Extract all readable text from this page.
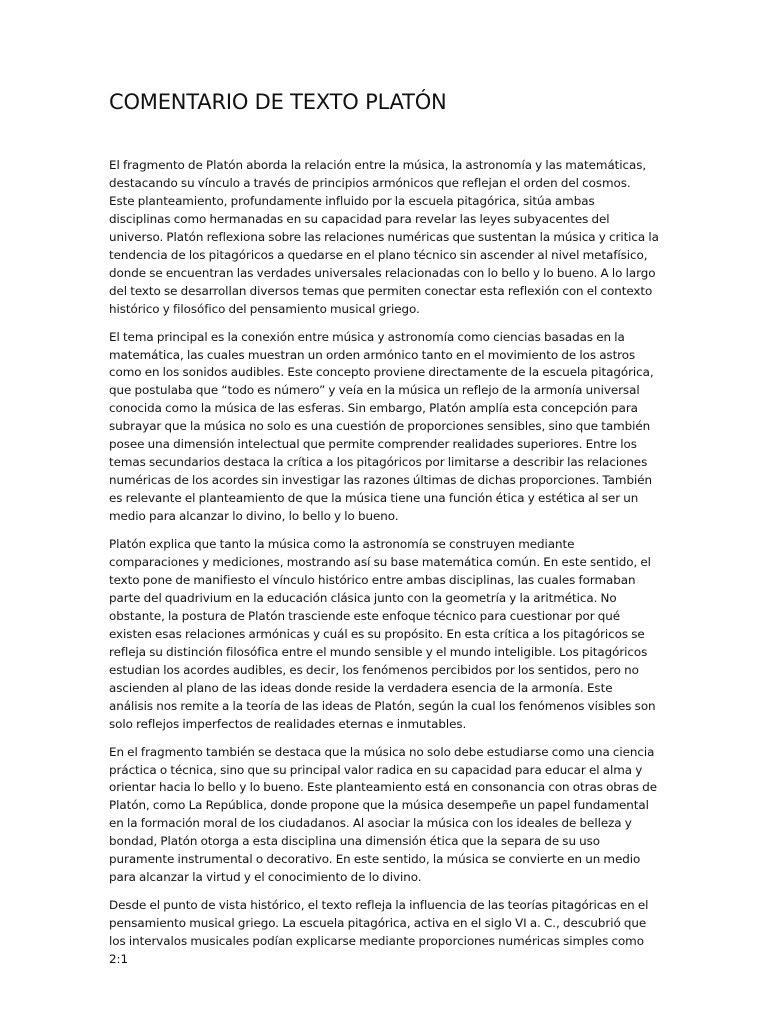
COMENTARIO DE TEXTO PLATÓN

El fragmento de Platón aborda la relación entre la música, la astronomía y las matemáticas, destacando su vínculo a través de principios armónicos que reflejan el orden del cosmos. Este planteamiento, profundamente influido por la escuela pitagórica, sitúa ambas disciplinas como hermanadas en su capacidad para revelar las leyes subyacentes del universo. Platón reflexiona sobre las relaciones numéricas que sustentan la música y critica la tendencia de los pitagóricos a quedarse en el plano técnico sin ascender al nivel metafísico, donde se encuentran las verdades universales relacionadas con lo bello y lo bueno. A lo largo del texto se desarrollan diversos temas que permiten conectar esta reflexión con el contexto histórico y filosófico del pensamiento musical griego.

El tema principal es la conexión entre música y astronomía como ciencias basadas en la matemática, las cuales muestran un orden armónico tanto en el movimiento de los astros como en los sonidos audibles. Este concepto proviene directamente de la escuela pitagórica, que postulaba que “todo es número” y veía en la música un reflejo de la armonía universal conocida como la música de las esferas. Sin embargo, Platón amplía esta concepción para subrayar que la música no solo es una cuestión de proporciones sensibles, sino que también posee una dimensión intelectual que permite comprender realidades superiores. Entre los temas secundarios destaca la crítica a los pitagóricos por limitarse a describir las relaciones numéricas de los acordes sin investigar las razones últimas de dichas proporciones. También es relevante el planteamiento de que la música tiene una función ética y estética al ser un medio para alcanzar lo divino, lo bello y lo bueno.

Platón explica que tanto la música como la astronomía se construyen mediante comparaciones y mediciones, mostrando así su base matemática común. En este sentido, el texto pone de manifiesto el vínculo histórico entre ambas disciplinas, las cuales formaban parte del quadrivium en la educación clásica junto con la geometría y la aritmética. No obstante, la postura de Platón trasciende este enfoque técnico para cuestionar por qué existen esas relaciones armónicas y cuál es su propósito. En esta crítica a los pitagóricos se refleja su distinción filosófica entre el mundo sensible y el mundo inteligible. Los pitagóricos estudian los acordes audibles, es decir, los fenómenos percibidos por los sentidos, pero no ascienden al plano de las ideas donde reside la verdadera esencia de la armonía. Este análisis nos remite a la teoría de las ideas de Platón, según la cual los fenómenos visibles son solo reflejos imperfectos de realidades eternas e inmutables.

En el fragmento también se destaca que la música no solo debe estudiarse como una ciencia práctica o técnica, sino que su principal valor radica en su capacidad para educar el alma y orientar hacia lo bello y lo bueno. Este planteamiento está en consonancia con otras obras de Platón, como La República, donde propone que la música desempeñe un papel fundamental en la formación moral de los ciudadanos. Al asociar la música con los ideales de belleza y bondad, Platón otorga a esta disciplina una dimensión ética que la separa de su uso puramente instrumental o decorativo. En este sentido, la música se convierte en un medio para alcanzar la virtud y el conocimiento de lo divino.

Desde el punto de vista histórico, el texto refleja la influencia de las teorías pitagóricas en el pensamiento musical griego. La escuela pitagórica, activa en el siglo VI a. C., descubrió que los intervalos musicales podían explicarse mediante proporciones numéricas simples como 2:1
